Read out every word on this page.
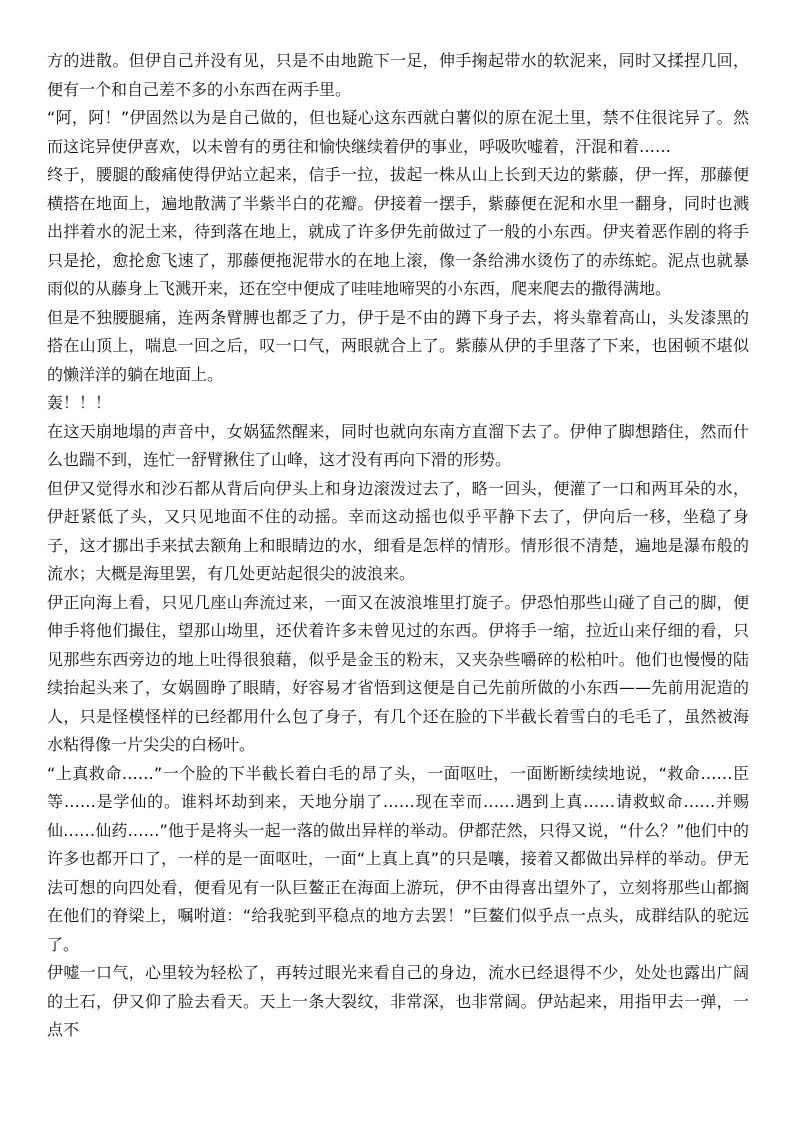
方的进散。但伊自己并没有见，只是不由地跪下一足，伸手掬起带水的软泥来，同时又揉捏几回，便有一个和自己差不多的小东西在两手里。

“阿，阿！”伊固然以为是自己做的，但也疑心这东西就白薯似的原在泥土里，禁不住很诧异了。然而这诧异使伊喜欢，以未曾有的勇往和愉快继续着伊的事业，呼吸吹嘘着，汗混和着……

终于，腰腿的酸痛使得伊站立起来，信手一拉，拔起一株从山上长到天边的紫藤，伊一挥，那藤便横搭在地面上，遍地散满了半紫半白的花瓣。伊接着一摆手，紫藤便在泥和水里一翻身，同时也溅出拌着水的泥土来，待到落在地上，就成了许多伊先前做过了一般的小东西。伊夹着恶作剧的将手只是抡，愈抡愈飞速了，那藤便拖泥带水的在地上滚，像一条给沸水烫伤了的赤练蛇。泥点也就暴雨似的从藤身上飞溅开来，还在空中便成了哇哇地啼哭的小东西，爬来爬去的撒得满地。

但是不独腰腿痛，连两条臂膊也都乏了力，伊于是不由的蹲下身子去，将头靠着高山，头发漆黑的搭在山顶上，喘息一回之后，叹一口气，两眼就合上了。紫藤从伊的手里落了下来，也困顿不堪似的懒洋洋的躺在地面上。

轰！！！

在这天崩地塌的声音中，女娲猛然醒来，同时也就向东南方直溜下去了。伊伸了脚想踏住，然而什么也踹不到，连忙一舒臂揪住了山峰，这才没有再向下滑的形势。

但伊又觉得水和沙石都从背后向伊头上和身边滚泼过去了，略一回头，便灌了一口和两耳朵的水，伊赶紧低了头，又只见地面不住的动摇。幸而这动摇也似乎平静下去了，伊向后一移，坐稳了身子，这才挪出手来拭去额角上和眼睛边的水，细看是怎样的情形。情形很不清楚，遍地是瀑布般的流水；大概是海里罢，有几处更站起很尖的波浪来。

伊正向海上看，只见几座山奔流过来，一面又在波浪堆里打旋子。伊恐怕那些山碰了自己的脚，便伸手将他们撮住，望那山坳里，还伏着许多未曾见过的东西。伊将手一缩，拉近山来仔细的看，只见那些东西旁边的地上吐得很狼藉，似乎是金玉的粉末，又夹杂些嚼碎的松柏叶。他们也慢慢的陆续抬起头来了，女娲圆睁了眼睛，好容易才省悟到这便是自己先前所做的小东西——先前用泥造的人，只是怪模怪样的已经都用什么包了身子，有几个还在脸的下半截长着雪白的毛毛了，虽然被海水粘得像一片尖尖的白杨叶。

“上真救命……”一个脸的下半截长着白毛的昂了头，一面呕吐，一面断断续续地说，“救命……臣等……是学仙的。谁料坏劫到来，天地分崩了……现在幸而……遇到上真……请救蚁命……并赐仙……仙药……”他于是将头一起一落的做出异样的举动。伊都茫然，只得又说，“什么？”他们中的许多也都开口了，一样的是一面呕吐，一面“上真上真”的只是嚷，接着又都做出异样的举动。伊无法可想的向四处看，便看见有一队巨鳌正在海面上游玩，伊不由得喜出望外了，立刻将那些山都搁在他们的脊梁上，嘱咐道：“给我驼到平稳点的地方去罢！”巨鳌们似乎点一点头，成群结队的驼远了。

伊嘘一口气，心里较为轻松了，再转过眼光来看自己的身边，流水已经退得不少，处处也露出广阔的土石，伊又仰了脸去看天。天上一条大裂纹，非常深，也非常阔。伊站起来，用指甲去一弹，一点不
